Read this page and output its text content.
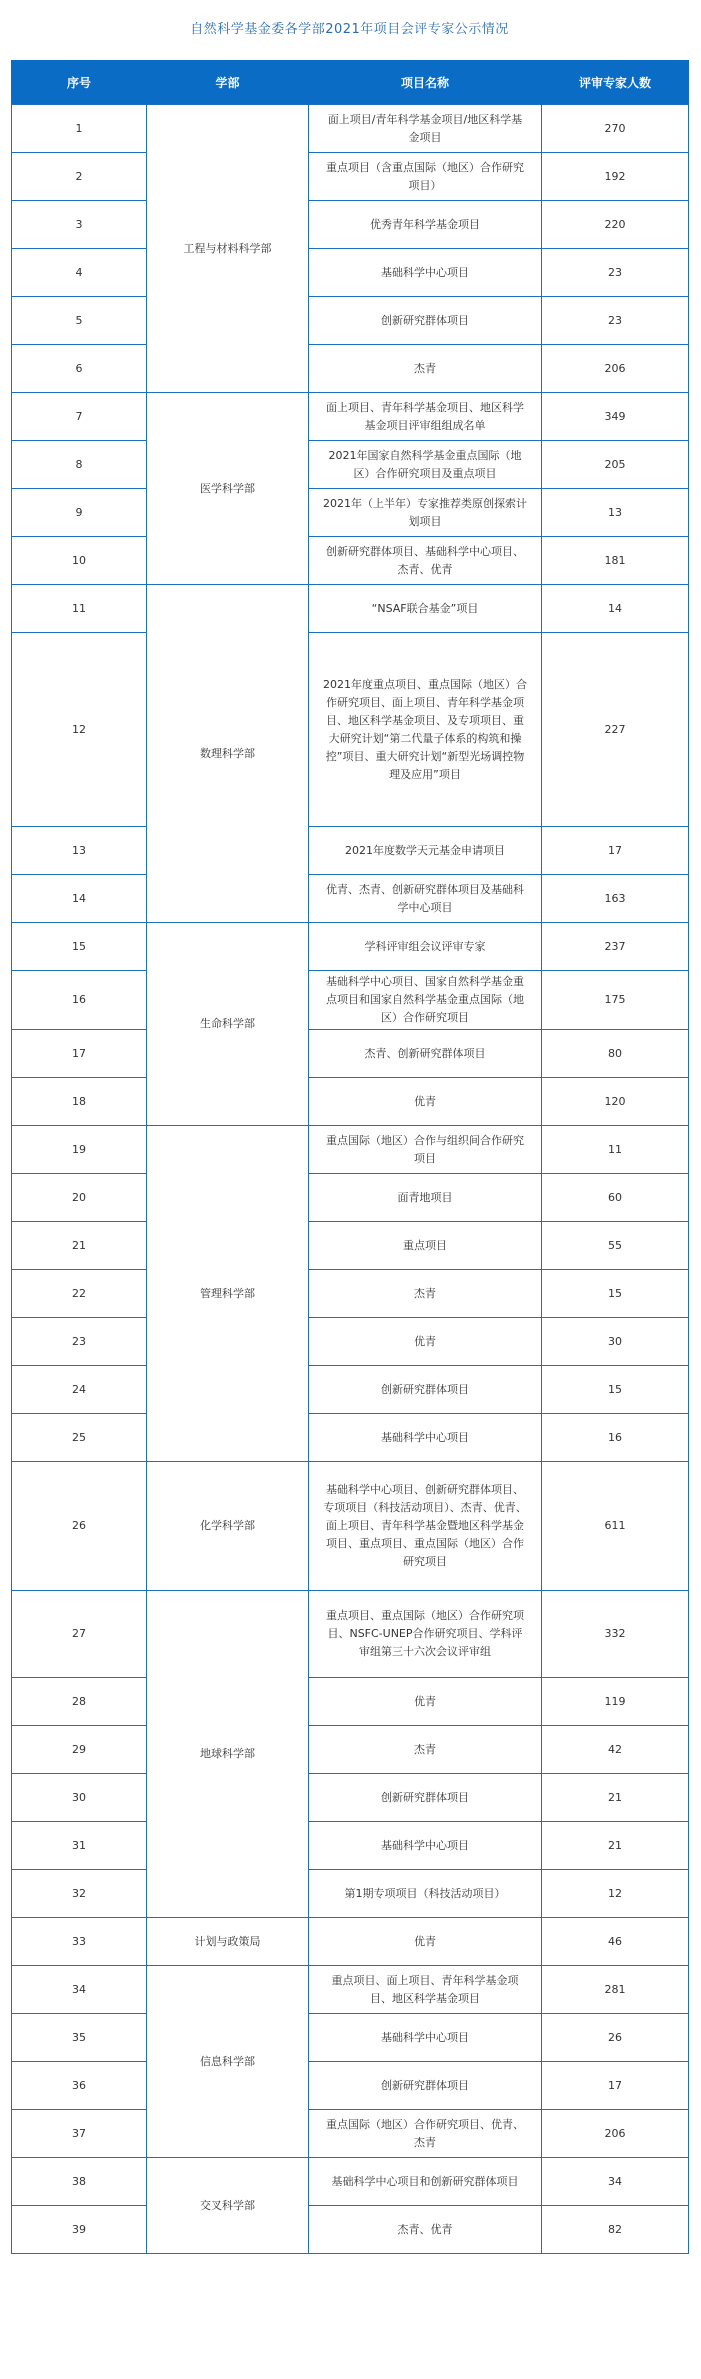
自然科学基金委各学部2021年项目会评专家公示情况
序号	学部	项目名称	评审专家人数
1	工程与材料科学部	面上项目/青年科学基金项目/地区科学基金项目	270
2		重点项目（含重点国际（地区）合作研究项目）	192
3		优秀青年科学基金项目	220
4		基础科学中心项目	23
5		创新研究群体项目	23
6		杰青	206
7	医学科学部	面上项目、青年科学基金项目、地区科学基金项目评审组组成名单	349
8		2021年国家自然科学基金重点国际（地区）合作研究项目及重点项目	205
9		2021年（上半年）专家推荐类原创探索计划项目	13
10		创新研究群体项目、基础科学中心项目、杰青、优青	181
11	数理科学部	“NSAF联合基金”项目	14
12		2021年度重点项目、重点国际（地区）合作研究项目、面上项目、青年科学基金项目、地区科学基金项目、及专项项目、重大研究计划“第二代量子体系的构筑和操控”项目、重大研究计划“新型光场调控物理及应用”项目	227
13		2021年度数学天元基金申请项目	17
14		优青、杰青、创新研究群体项目及基础科学中心项目	163
15	生命科学部	学科评审组会议评审专家	237
16		基础科学中心项目、国家自然科学基金重点项目和国家自然科学基金重点国际（地区）合作研究项目	175
17		杰青、创新研究群体项目	80
18		优青	120
19	管理科学部	重点国际（地区）合作与组织间合作研究项目	11
20		面青地项目	60
21		重点项目	55
22		杰青	15
23		优青	30
24		创新研究群体项目	15
25		基础科学中心项目	16
26	化学科学部	基础科学中心项目、创新研究群体项目、专项项目（科技活动项目）、杰青、优青、面上项目、青年科学基金暨地区科学基金项目、重点项目、重点国际（地区）合作研究项目	611
27	地球科学部	重点项目、重点国际（地区）合作研究项目、NSFC-UNEP合作研究项目、学科评审组第三十六次会议评审组	332
28		优青	119
29		杰青	42
30		创新研究群体项目	21
31		基础科学中心项目	21
32		第1期专项项目（科技活动项目）	12
33	计划与政策局	优青	46
34	信息科学部	重点项目、面上项目、青年科学基金项目、地区科学基金项目	281
35		基础科学中心项目	26
36		创新研究群体项目	17
37		重点国际（地区）合作研究项目、优青、杰青	206
38	交叉科学部	基础科学中心项目和创新研究群体项目	34
39		杰青、优青	82
